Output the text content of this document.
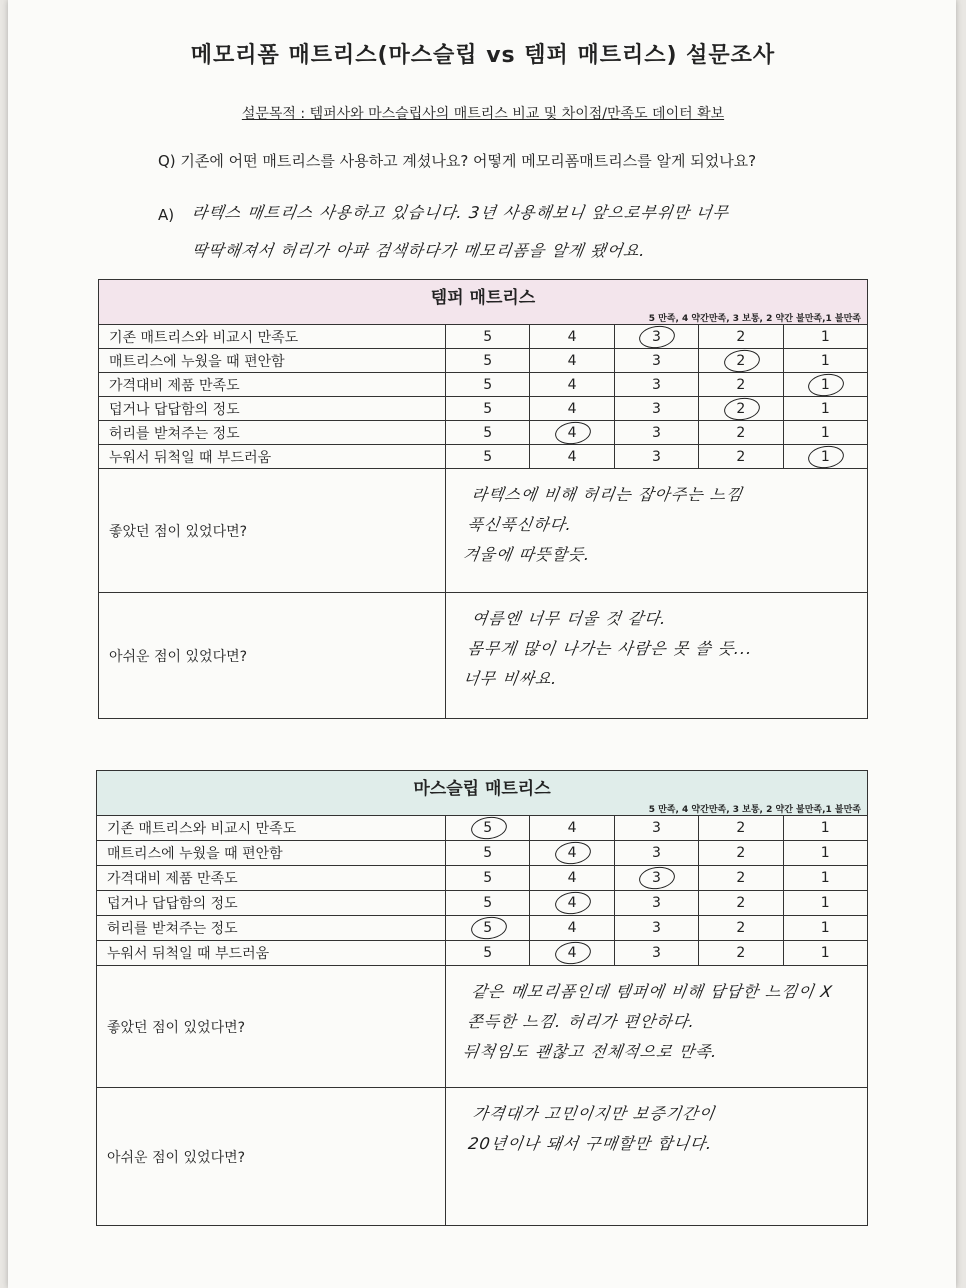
메모리폼 매트리스(마스슬립 vs 템퍼 매트리스) 설문조사
설문목적 : 템퍼사와 마스슬립사의 매트리스 비교 및 차이점/만족도 데이터 확보
Q) 기존에 어떤 매트리스를 사용하고 계셨나요? 어떻게 메모리폼매트리스를 알게 되었나요?
A) 라텍스 매트리스 사용하고 있습니다. 3년 사용해보니 앞으로부위만 너무
딱딱해져서 허리가 아파 검색하다가 메모리폼을 알게 됐어요.
템퍼 매트리스					
5 만족, 4 약간만족, 3 보통, 2 약간 불만족,1 불만족					
기존 매트리스와 비교시 만족도	5	4	3	2	1
매트리스에 누웠을 때 편안함	5	4	3	2	1
가격대비 제품 만족도	5	4	3	2	1
덥거나 답답함의 정도	5	4	3	2	1
허리를 받쳐주는 정도	5	4	3	2	1
누워서 뒤척일 때 부드러움	5	4	3	2	1
좋았던 점이 있었다면?	라텍스에 비해 허리는 잡아주는 느낌
푹신푹신하다.
겨울에 따뜻할듯.				

아쉬운 점이 있었다면?	여름엔 너무 더울 것 같다.
몸무게 많이 나가는 사람은 못 쓸 듯...
너무 비싸요.				
마스슬립 매트리스					
5 만족, 4 약간만족, 3 보통, 2 약간 불만족,1 불만족					
기존 매트리스와 비교시 만족도	5	4	3	2	1
매트리스에 누웠을 때 편안함	5	4	3	2	1
가격대비 제품 만족도	5	4	3	2	1
덥거나 답답함의 정도	5	4	3	2	1
허리를 받쳐주는 정도	5	4	3	2	1
누워서 뒤척일 때 부드러움	5	4	3	2	1
좋았던 점이 있었다면?	같은 메모리폼인데 템퍼에 비해 답답한 느낌이 X
쫀득한 느낌. 허리가 편안하다.
뒤척임도 괜찮고 전체적으로 만족.				

아쉬운 점이 있었다면?	가격대가 고민이지만 보증기간이
20년이나 돼서 구매할만 합니다.				
